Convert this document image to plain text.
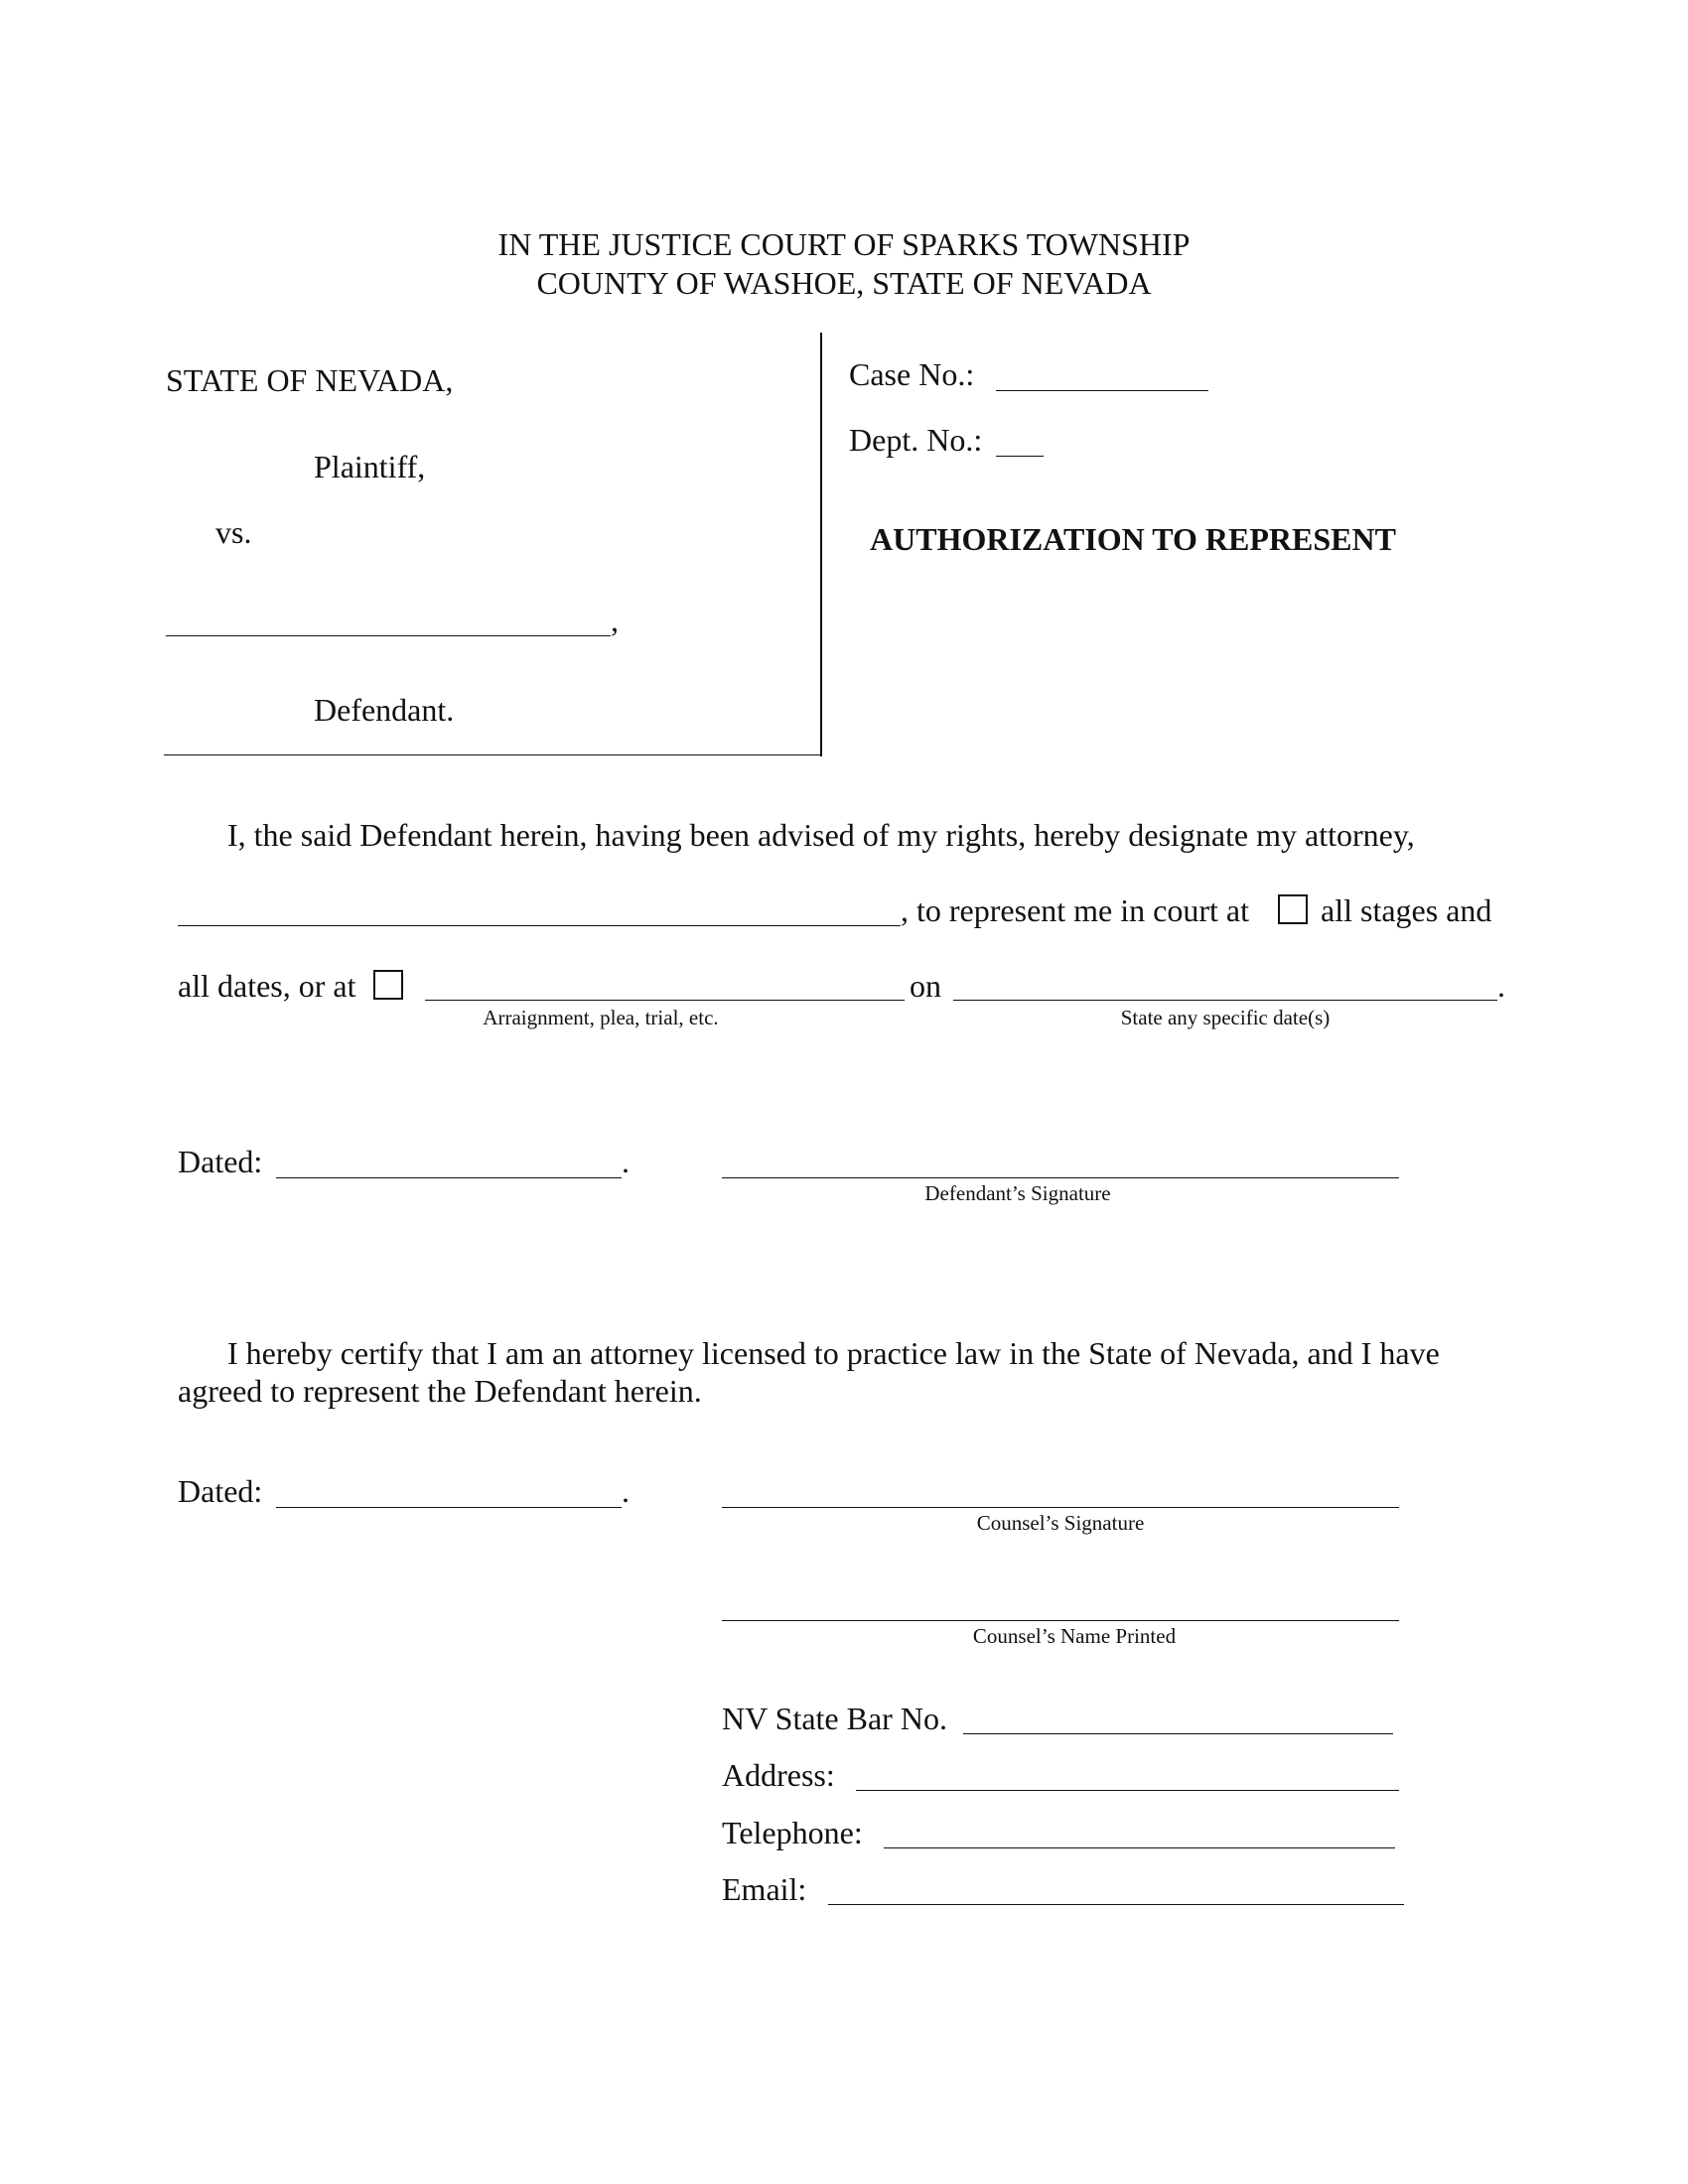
IN THE JUSTICE COURT OF SPARKS TOWNSHIP
COUNTY OF WASHOE, STATE OF NEVADA
STATE OF NEVADA,
Plaintiff,
vs.
,
Defendant.
Case No.:
Dept. No.:
AUTHORIZATION TO REPRESENT
I, the said Defendant herein, having been advised of my rights, hereby designate my attorney,
, to represent me in court at all stages and
all dates, or at	on	.
Arraignment, plea, trial, etc.	State any specific date(s)
Dated:	.
Defendant’s Signature
I hereby certify that I am an attorney licensed to practice law in the State of Nevada, and I have
agreed to represent the Defendant herein.
Dated:	.
Counsel’s Signature
Counsel’s Name Printed
NV State Bar No.
Address:
Telephone:
Email:
